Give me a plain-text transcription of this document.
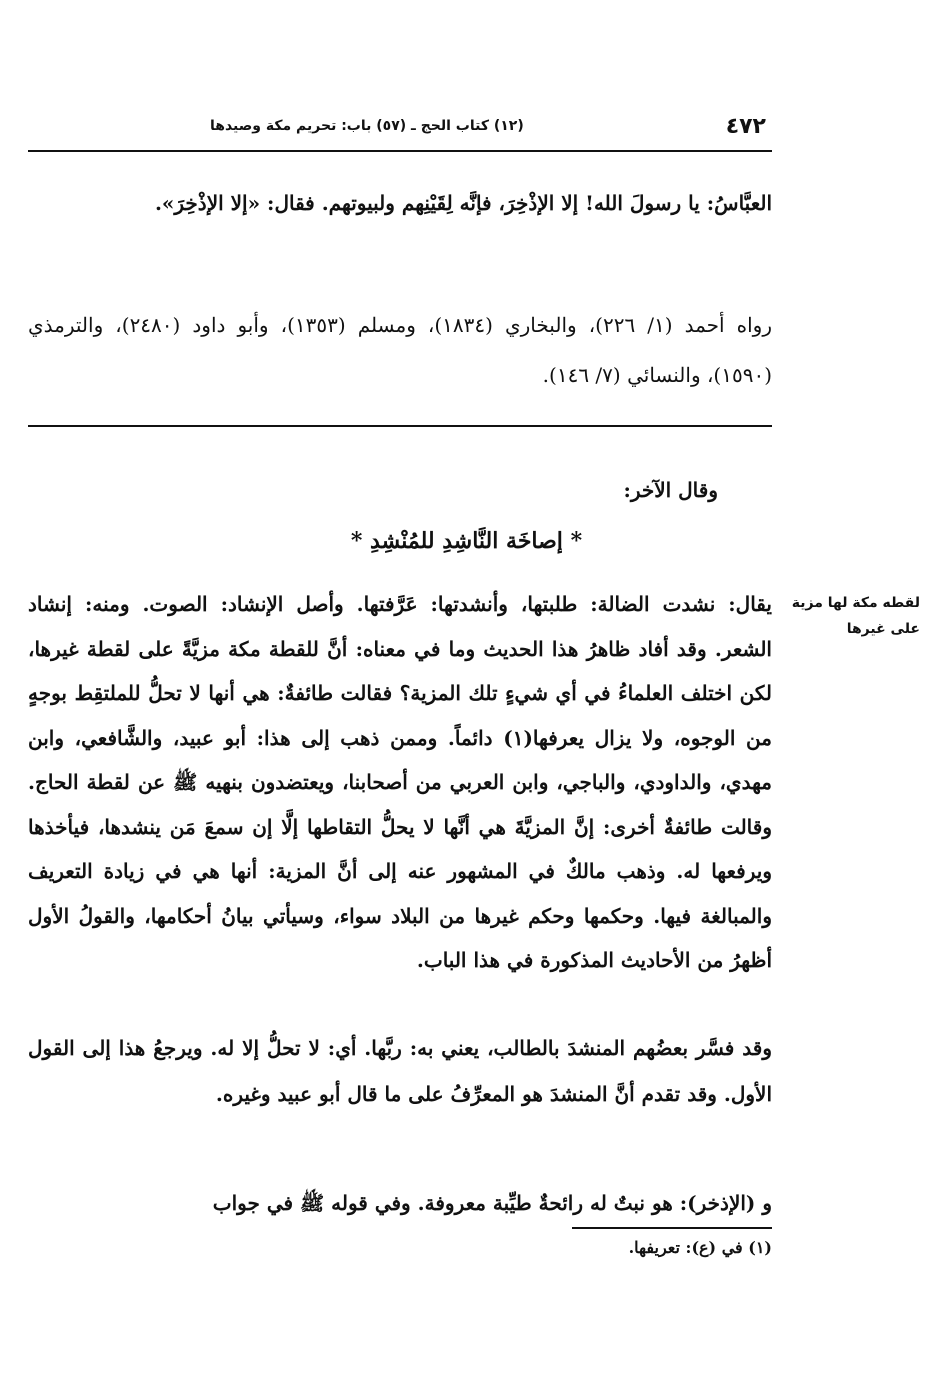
٤٧٢
(١٢) كتاب الحج ـ (٥٧) باب: تحريم مكة وصيدها
العبَّاسُ: يا رسولَ الله! إلا الإذْخِرَ، فإنَّه لِقَيْنِهم ولبيوتهم. فقال: «إلا الإذْخِرَ».
رواه أحمد (١/ ٢٢٦)، والبخاري (١٨٣٤)، ومسلم (١٣٥٣)، وأبو داود (٢٤٨٠)، والترمذي (١٥٩٠)، والنسائي (٧/ ١٤٦).
وقال الآخر:
* إصاخَة النَّاشِدِ للمُنْشِدِ *
لقطه مكة لها مزية على غيرها
يقال: نشدت الضالة: طلبتها، وأنشدتها: عَرَّفتها. وأصل الإنشاد: الصوت. ومنه: إنشاد الشعر. وقد أفاد ظاهرُ هذا الحديث وما في معناه: أنَّ للقطة مكة مزيَّةً على لقطة غيرها، لكن اختلف العلماءُ في أي شيءٍ تلك المزية؟ فقالت طائفةٌ: هي أنها لا تحلُّ للملتقِط بوجهٍ من الوجوه، ولا يزال يعرفها(١) دائماً. وممن ذهب إلى هذا: أبو عبيد، والشَّافعي، وابن مهدي، والداودي، والباجي، وابن العربي من أصحابنا، ويعتضدون بنهيه ﷺ عن لقطة الحاج. وقالت طائفةٌ أخرى: إنَّ المزيَّةَ هي أنَّها لا يحلُّ التقاطها إلَّا إن سمعَ مَن ينشدها، فيأخذها ويرفعها له. وذهب مالكٌ في المشهور عنه إلى أنَّ المزية: أنها هي في زيادة التعريف والمبالغة فيها. وحكمها وحكم غيرها من البلاد سواء، وسيأتي بيانُ أحكامها، والقولُ الأول أظهرُ من الأحاديث المذكورة في هذا الباب.
وقد فسَّر بعضُهم المنشدَ بالطالب، يعني به: ربَّها. أي: لا تحلُّ إلا له. ويرجعُ هذا إلى القول الأول. وقد تقدم أنَّ المنشدَ هو المعرِّفُ على ما قال أبو عبيد وغيره.
و (الإذخر): هو نبتٌ له رائحةٌ طيِّبة معروفة. وفي قوله ﷺ في جواب
(١) في (ع): تعريفها.
